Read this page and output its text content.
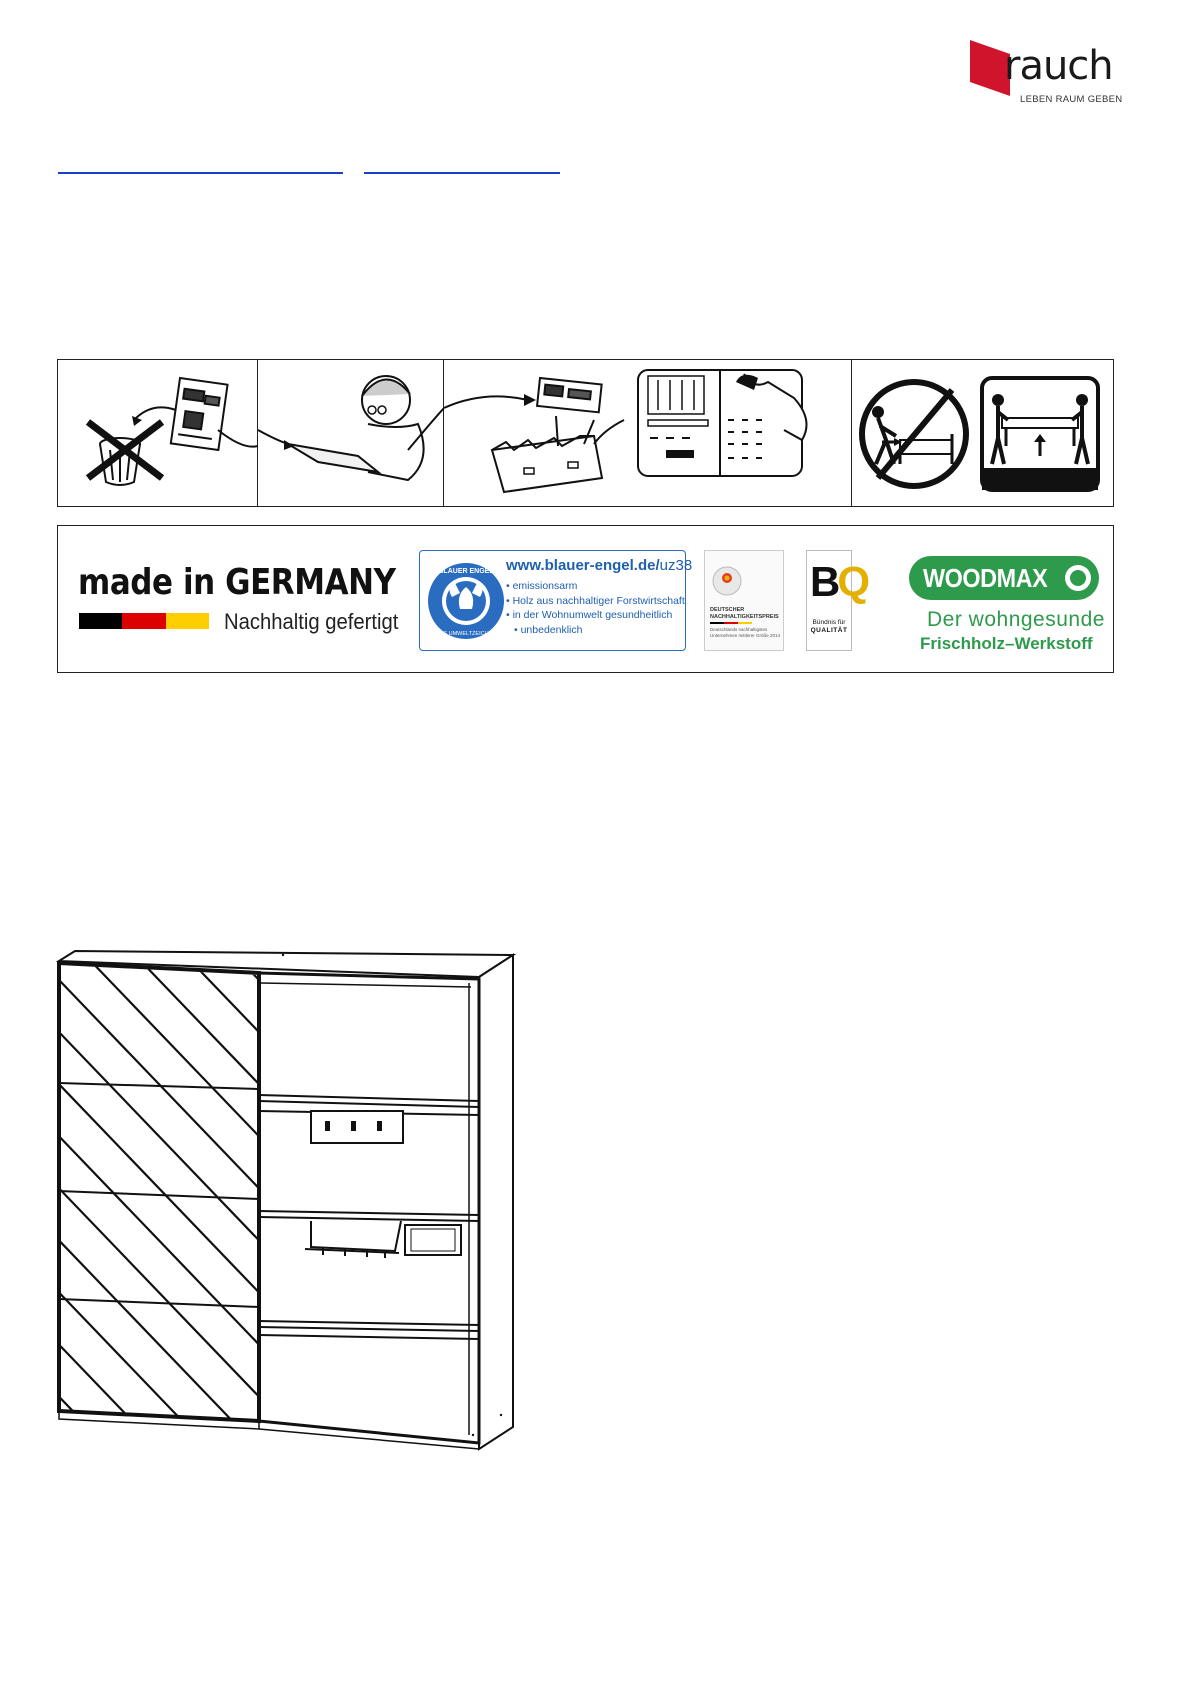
rauch
LEBEN RAUM GEBEN
made in GERMANY
Nachhaltig gefertigt
BLAUER ENGEL
DAS UMWELTZEICHEN
www.blauer-engel.de/uz38
• emissionsarm
• Holz aus nachhaltiger Forstwirtschaft
• in der Wohnumwelt gesundheitlich
• unbedenklich
DEUTSCHER
NACHHALTIGKEITSPREIS
Deutschlands nachhaltigstes
Unternehmen mittlerer Größe 2014
BQ
Bündnis für
QUALITÄT
WOODMAX
Der wohngesunde
Frischholz–Werkstoff
